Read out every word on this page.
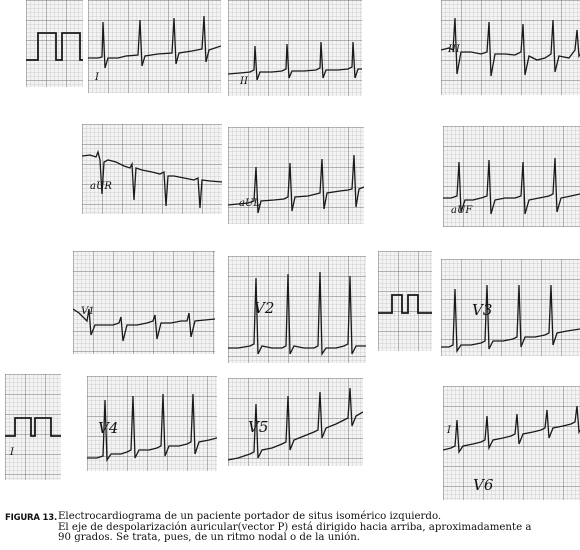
I	II
III
aUR
aUL
aUF
V1	V2	V3
I
V4	V5	I
V6
FIGURA 13. Electrocardiograma de un paciente portador de situs isomérico izquierdo.
El eje de despolarización auricular(vector P) está dirigido hacia arriba, aproximadamente a
90 grados. Se trata, pues, de un ritmo nodal o de la unión.
